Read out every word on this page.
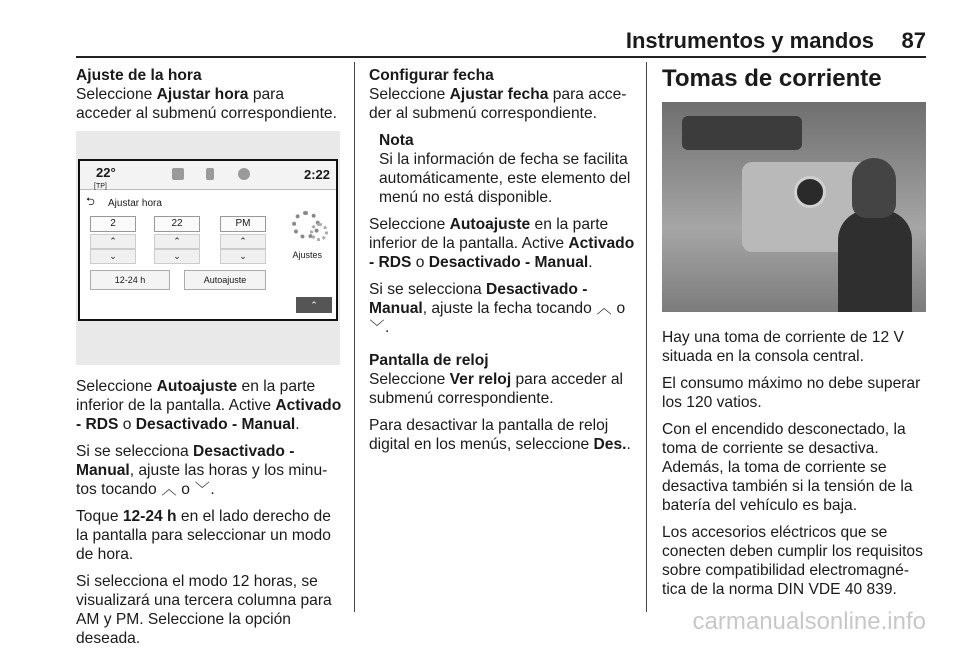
Instrumentos y mandos 87
Ajuste de la hora

Seleccione Ajustar hora para acceder al submenú correspondiente.

22°
[TP]
2:22
⮌ Ajustar hora
2	22	PM
⌃
⌄
⌃
⌄
⌃
⌄
12-24 h	Autoajuste
Ajustes
⌃

Seleccione Autoajuste en la parte inferior de la pantalla. Active Activado - RDS o Desactivado - Manual.

Si se selecciona Desactivado - Manual, ajuste las horas y los minu- tos tocando ︿ o ﹀.

Toque 12-24 h en el lado derecho de la pantalla para seleccionar un modo de hora.

Si selecciona el modo 12 horas, se visualizará una tercera columna para AM y PM. Seleccione la opción deseada.

Configurar fecha

Seleccione Ajustar fecha para acce- der al submenú correspondiente.

Nota

Si la información de fecha se facilita automáticamente, este elemento del menú no está disponible.

Seleccione Autoajuste en la parte inferior de la pantalla. Active Activado - RDS o Desactivado - Manual.

Si se selecciona Desactivado - Manual, ajuste la fecha tocando ︿ o ﹀.

Pantalla de reloj

Seleccione Ver reloj para acceder al submenú correspondiente.

Para desactivar la pantalla de reloj digital en los menús, seleccione Des..

Tomas de corriente

Hay una toma de corriente de 12 V situada en la consola central.

El consumo máximo no debe superar los 120 vatios.

Con el encendido desconectado, la toma de corriente se desactiva. Además, la toma de corriente se desactiva también si la tensión de la batería del vehículo es baja.

Los accesorios eléctricos que se conecten deben cumplir los requisitos sobre compatibilidad electromagné- tica de la norma DIN VDE 40 839.

carmanualsonline.info
